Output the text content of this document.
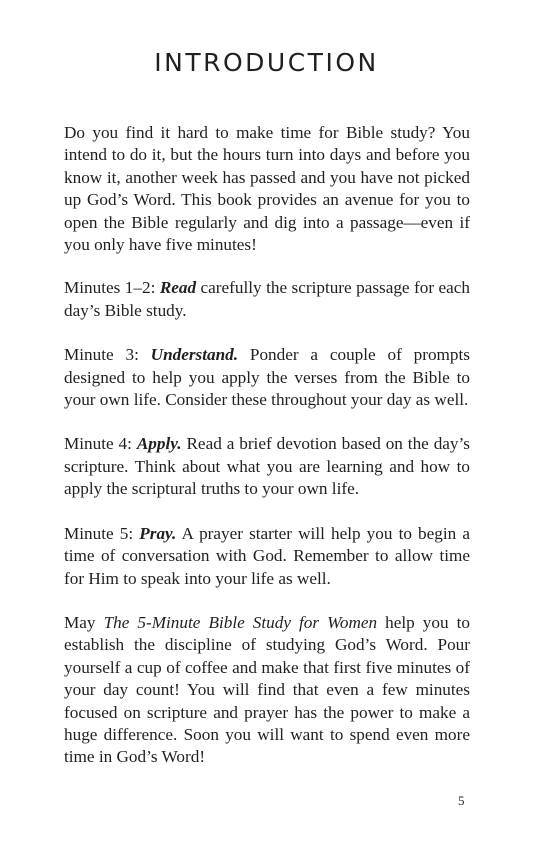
INTRODUCTION

Do you find it hard to make time for Bible study? You intend to do it, but the hours turn into days and before you know it, another week has passed and you have not picked up God’s Word. This book provides an avenue for you to open the Bible regularly and dig into a passage—even if you only have five minutes!

Minutes 1–2: Read carefully the scripture passage for each day’s Bible study.

Minute 3: Understand. Ponder a couple of prompts designed to help you apply the verses from the Bible to your own life. Consider these throughout your day as well.

Minute 4: Apply. Read a brief devotion based on the day’s scripture. Think about what you are learning and how to apply the scriptural truths to your own life.

Minute 5: Pray. A prayer starter will help you to begin a time of conversation with God. Remember to allow time for Him to speak into your life as well.

May The 5-Minute Bible Study for Women help you to establish the discipline of studying God’s Word. Pour yourself a cup of coffee and make that first five minutes of your day count! You will find that even a few minutes focused on scripture and prayer has the power to make a huge difference. Soon you will want to spend even more time in God’s Word!

5
